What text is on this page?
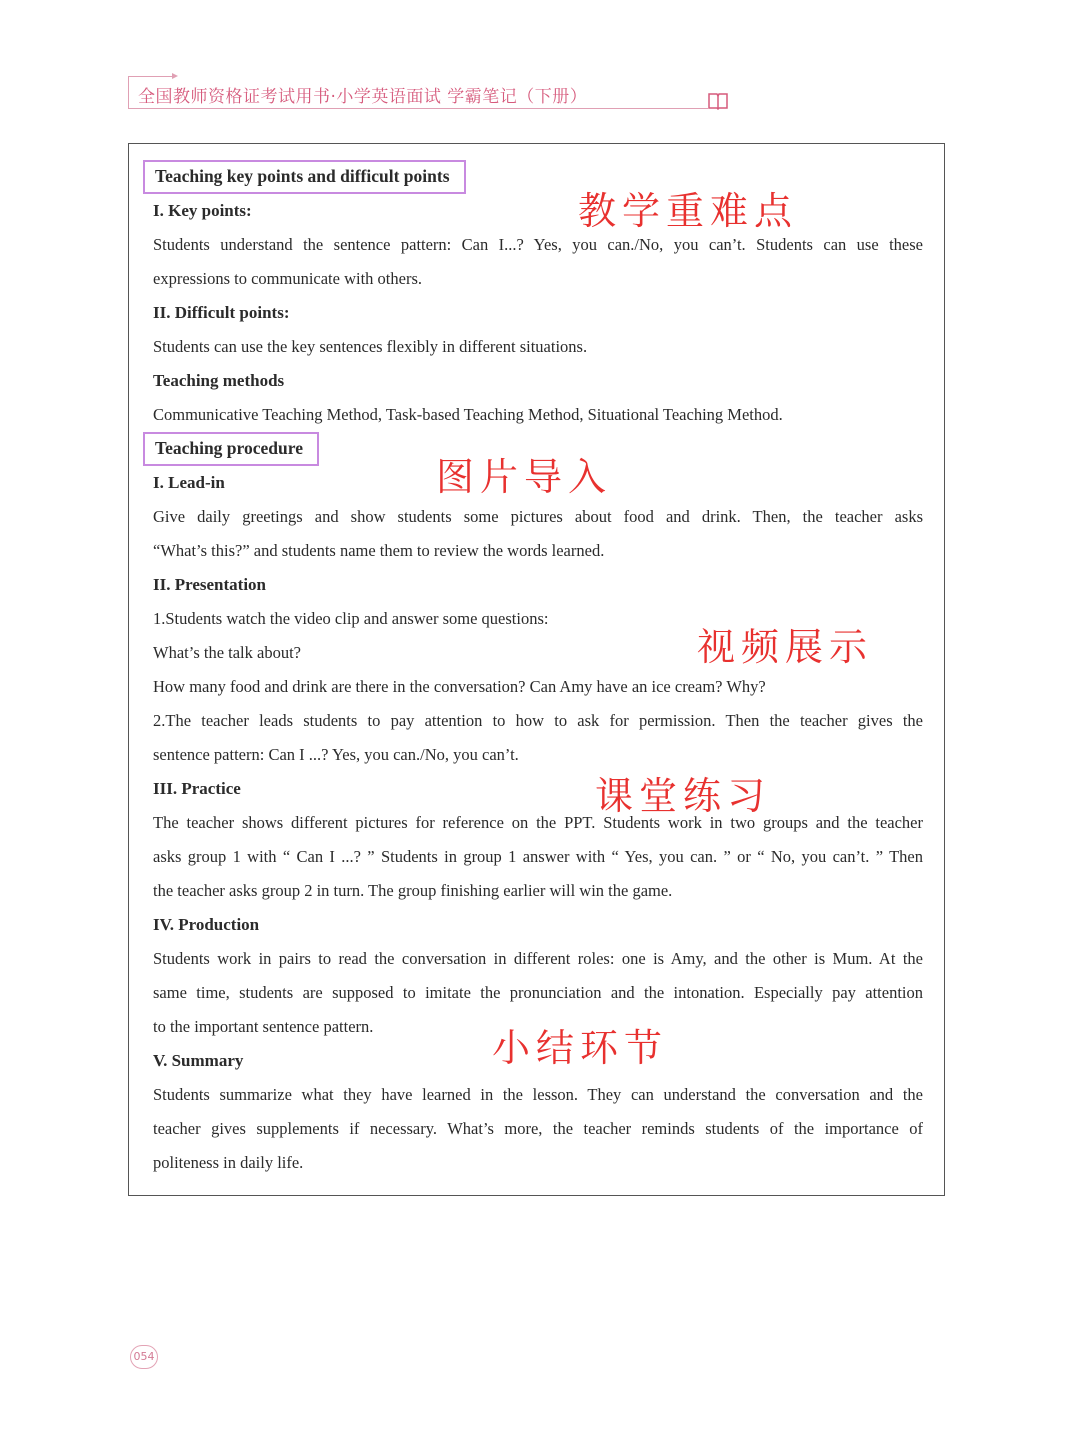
全国教师资格证考试用书·小学英语面试 学霸笔记（下册）
Teaching key points and difficult points
I. Key points:
Students understand the sentence pattern: Can I...? Yes, you can./No, you can’t. Students can use these
expressions to communicate with others.
II. Difficult points:
Students can use the key sentences flexibly in different situations.
Teaching methods
Communicative Teaching Method, Task-based Teaching Method, Situational Teaching Method.
Teaching procedure
I. Lead-in
Give daily greetings and show students some pictures about food and drink. Then, the teacher asks
“What’s this?” and students name them to review the words learned.
II. Presentation
1.Students watch the video clip and answer some questions:
What’s the talk about?
How many food and drink are there in the conversation? Can Amy have an ice cream? Why?
2.The teacher leads students to pay attention to how to ask for permission. Then the teacher gives the
sentence pattern: Can I ...? Yes, you can./No, you can’t.
III. Practice
The teacher shows different pictures for reference on the PPT. Students work in two groups and the teacher
asks group 1 with “ Can I ...? ” Students in group 1 answer with “ Yes, you can. ” or “ No, you can’t. ” Then
the teacher asks group 2 in turn. The group finishing earlier will win the game.
IV. Production
Students work in pairs to read the conversation in different roles: one is Amy, and the other is Mum. At the
same time, students are supposed to imitate the pronunciation and the intonation. Especially pay attention
to the important sentence pattern.
V. Summary
Students summarize what they have learned in the lesson. They can understand the conversation and the
teacher gives supplements if necessary. What’s more, the teacher reminds students of the importance of
politeness in daily life.
教学重难点
图片导入
视频展示
课堂练习
小结环节
054
